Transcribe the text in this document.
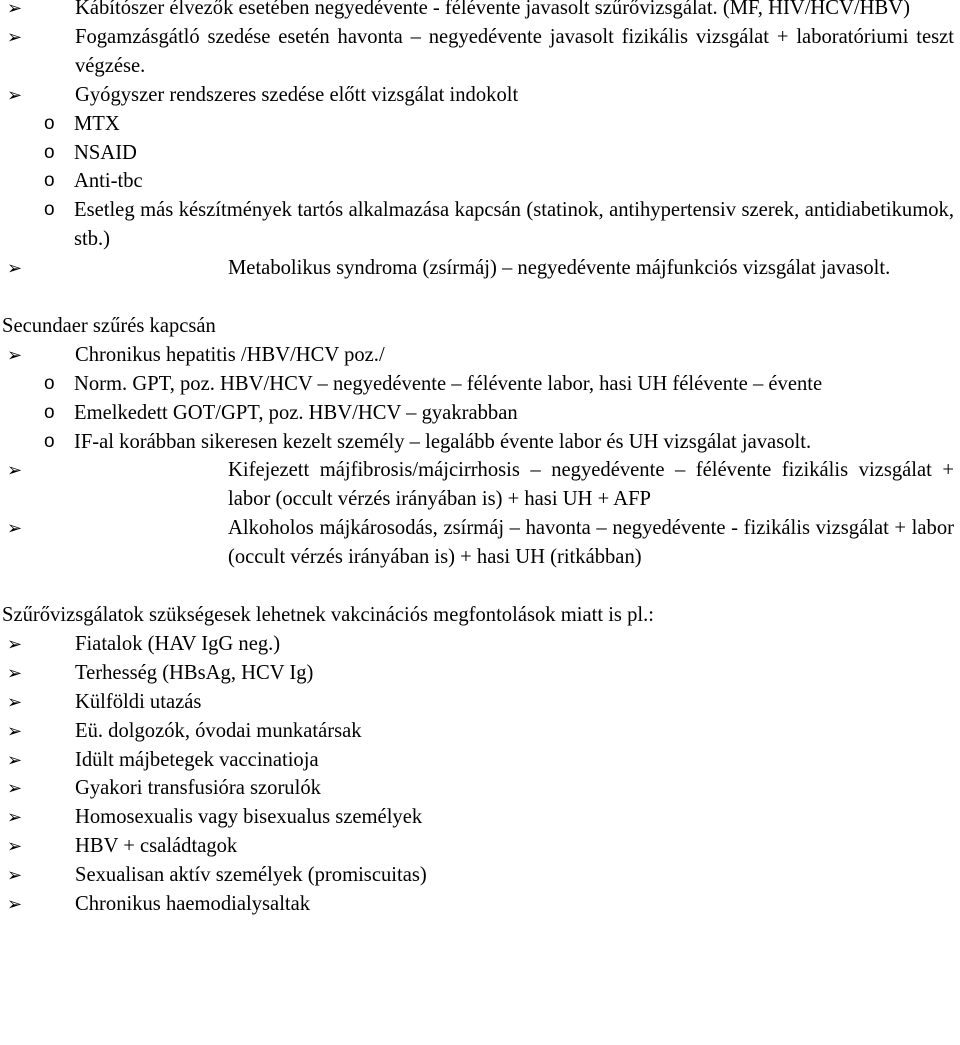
➢	Kábítószer élvezők esetében negyedévente - félévente javasolt szűrővizsgálat. (MF, HIV/HCV/HBV)
➢	Fogamzásgátló szedése esetén havonta – negyedévente javasolt fizikális vizsgálat + laboratóriumi teszt végzése.
➢	Gyógyszer rendszeres szedése előtt vizsgálat indokolt
o MTX
o NSAID
o Anti-tbc
o Esetleg más készítmények tartós alkalmazása kapcsán (statinok, antihypertensiv szerek, antidiabetikumok, stb.)
➢	Metabolikus syndroma (zsírmáj) – negyedévente májfunkciós vizsgálat javasolt.
Secundaer szűrés kapcsán
➢	Chronikus hepatitis /HBV/HCV poz./
o Norm. GPT, poz. HBV/HCV – negyedévente – félévente labor, hasi UH félévente – évente
o Emelkedett GOT/GPT, poz. HBV/HCV – gyakrabban
o IF-al korábban sikeresen kezelt személy – legalább évente labor és UH vizsgálat javasolt.
➢	Kifejezett májfibrosis/májcirrhosis – negyedévente – félévente fizikális vizsgálat + labor (occult vérzés irányában is) + hasi UH + AFP
➢	Alkoholos májkárosodás, zsírmáj – havonta – negyedévente - fizikális vizsgálat + labor (occult vérzés irányában is) + hasi UH (ritkábban)
Szűrővizsgálatok szükségesek lehetnek vakcinációs megfontolások miatt is pl.:
➢	Fiatalok (HAV IgG neg.)
➢	Terhesség (HBsAg, HCV Ig)
➢	Külföldi utazás
➢	Eü. dolgozók, óvodai munkatársak
➢	Idült májbetegek vaccinatioja
➢	Gyakori transfusióra szorulók
➢	Homosexualis vagy bisexualus személyek
➢	HBV + családtagok
➢	Sexualisan aktív személyek (promiscuitas)
➢	Chronikus haemodialysaltak
